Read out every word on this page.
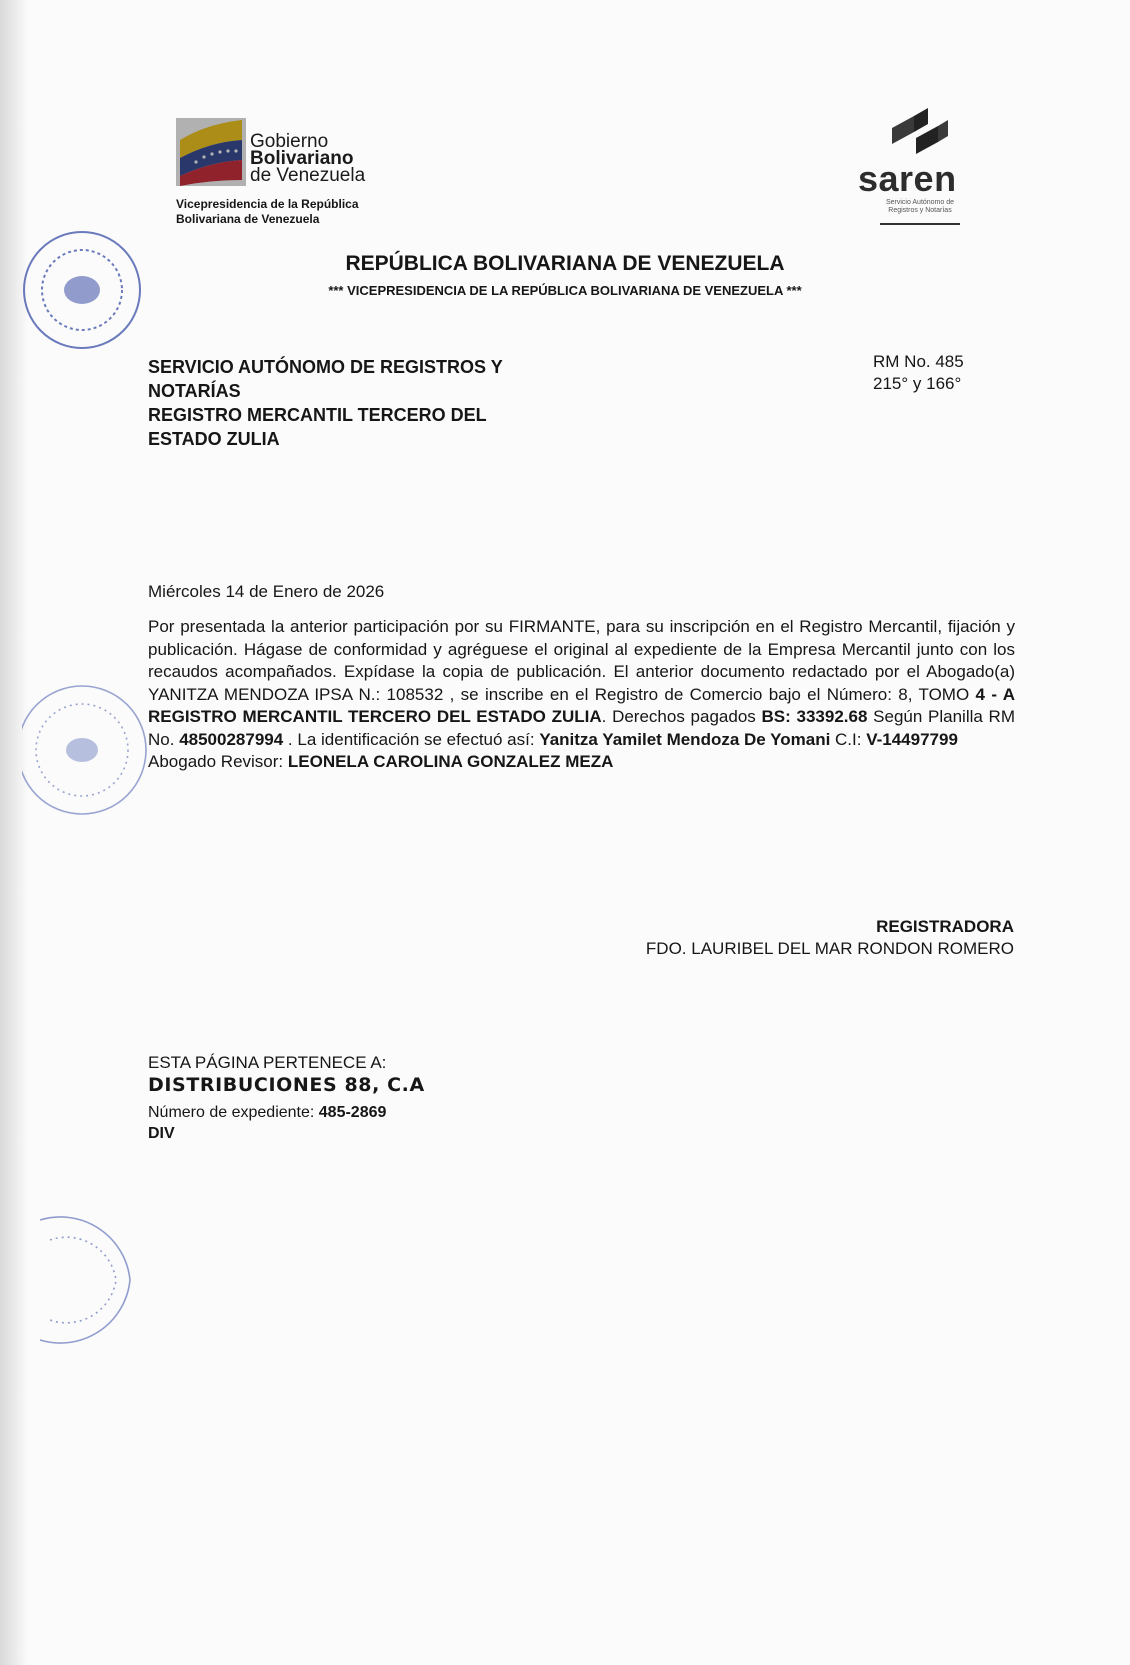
Gobierno
Bolivariano
de Venezuela
Vicepresidencia de la República
Bolivariana de Venezuela
saren
Servicio Autónomo de Registros y Notarías
REPÚBLICA BOLIVARIANA DE VENEZUELA
*** VICEPRESIDENCIA DE LA REPÚBLICA BOLIVARIANA DE VENEZUELA ***
SERVICIO AUTÓNOMO DE REGISTROS Y
NOTARÍAS
REGISTRO MERCANTIL TERCERO DEL
ESTADO ZULIA
RM No. 485
215° y 166°
Miércoles 14 de Enero de 2026
Por presentada la anterior participación por su FIRMANTE, para su inscripción en el Registro Mercantil, fijación y publicación. Hágase de conformidad y agréguese el original al expediente de la Empresa Mercantil junto con los recaudos acompañados. Expídase la copia de publicación. El anterior documento redactado por el Abogado(a) YANITZA MENDOZA IPSA N.: 108532 , se inscribe en el Registro de Comercio bajo el Número: 8, TOMO 4 - A REGISTRO MERCANTIL TERCERO DEL ESTADO ZULIA. Derechos pagados BS: 33392.68 Según Planilla RM No. 48500287994 . La identificación se efectuó así: Yanitza Yamilet Mendoza De Yomani C.I: V-14497799
Abogado Revisor: LEONELA CAROLINA GONZALEZ MEZA
REGISTRADORA
FDO. LAURIBEL DEL MAR RONDON ROMERO
ESTA PÁGINA PERTENECE A:
DISTRIBUCIONES 88, C.A
Número de expediente: 485-2869
DIV
